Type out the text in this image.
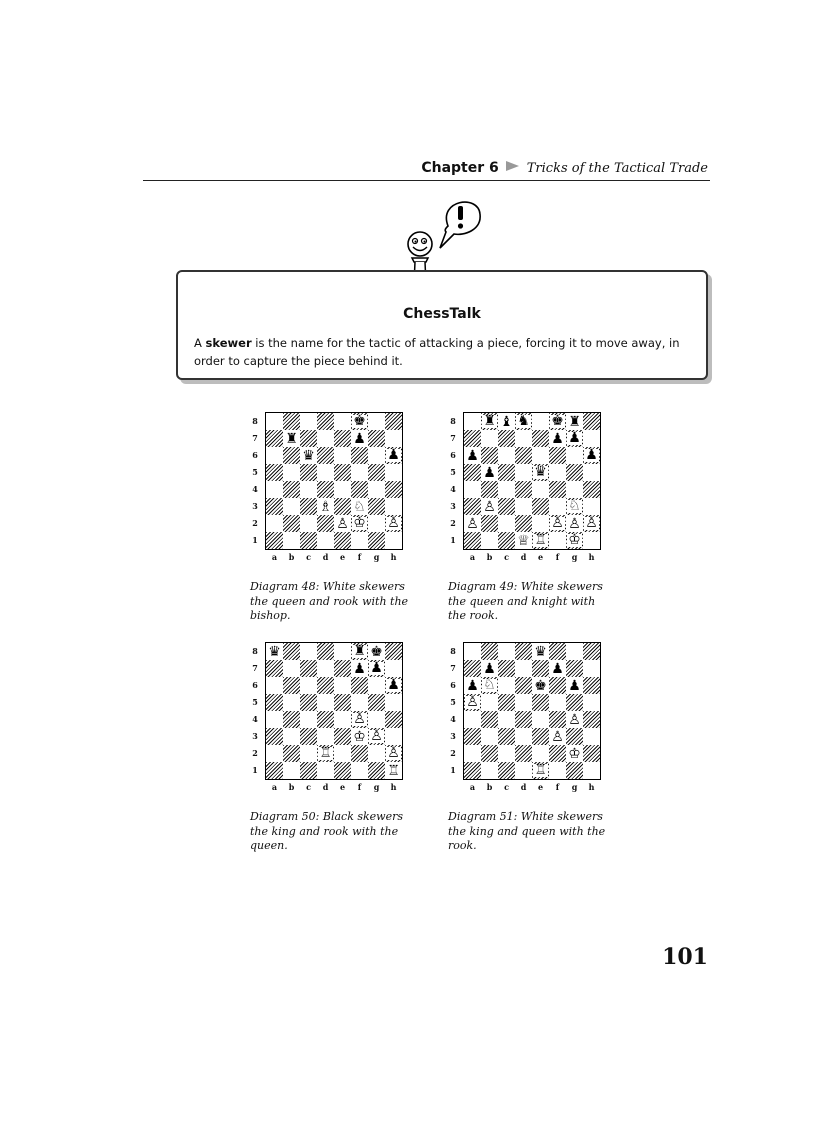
Chapter 6 Tricks of the Tactical Trade
ChessTalk
A skewer is the name for the tactic of attacking a piece, forcing it to move away, in order to capture the piece behind it.
8
7
6
5
4
3
2
1
♚
♜	♟
♛	♟
♗ ♘
♙ ♔ ♙
a	b	c	d	e	f	g	h
Diagram 48: White skewers the queen and rook with the bishop.
8
7
6
5
4
3
2
1
♜ ♝ ♞ ♚ ♜
♟ ♟
♟	♟
♟	♛
♙	♘
♙	♙ ♙ ♙
♕ ♖ ♔
a	b	c	d	e	f	g	h
Diagram 49: White skewers the queen and knight with the rook.
8
7
6
5
4
3
2
1
♛	♜ ♚
♟ ♟
♟
♙
♔ ♙
♖	♙
♖
a	b	c	d	e	f	g	h
Diagram 50: Black skewers the king and rook with the queen.
8
7
6
5
4
3
2
1
♛
♟	♟
♟ ♘	♚ ♟
♙
♙
♙
♔
♖
a	b	c	d	e	f	g	h
Diagram 51: White skewers the king and queen with the rook.
101
